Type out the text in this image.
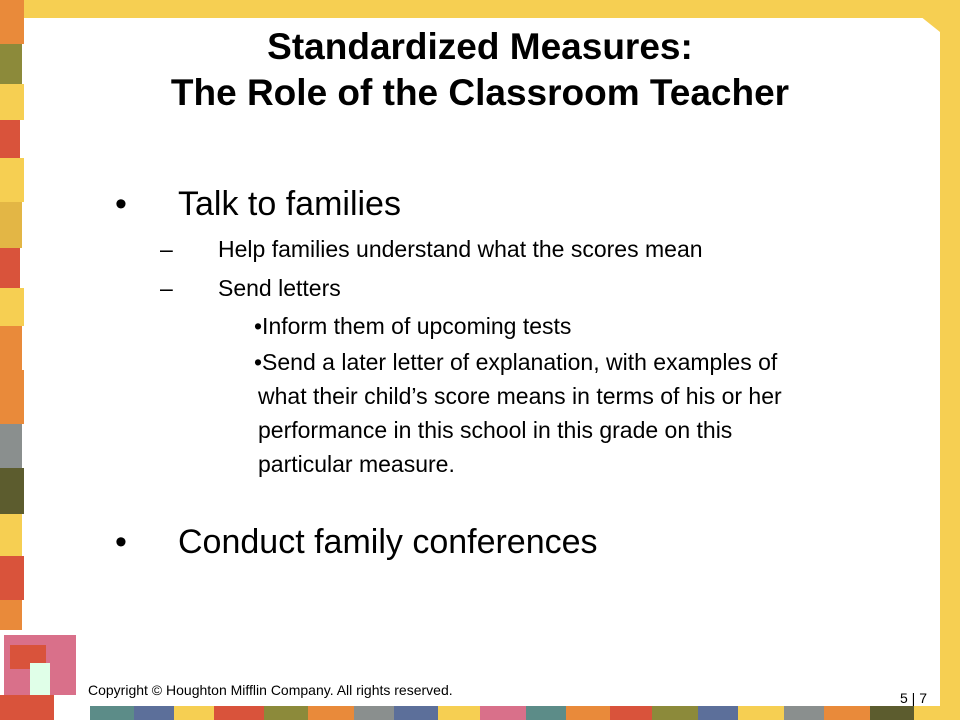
Standardized Measures:
The Role of the Classroom Teacher
• Talk to families
– Help families understand what the scores mean
– Send letters
•Inform them of upcoming tests
•Send a later letter of explanation, with examples of
what their child’s score means in terms of his or her
performance in this school in this grade on this
particular measure.
• Conduct family conferences
Copyright © Houghton Mifflin Company. All rights reserved.	5 | 7
